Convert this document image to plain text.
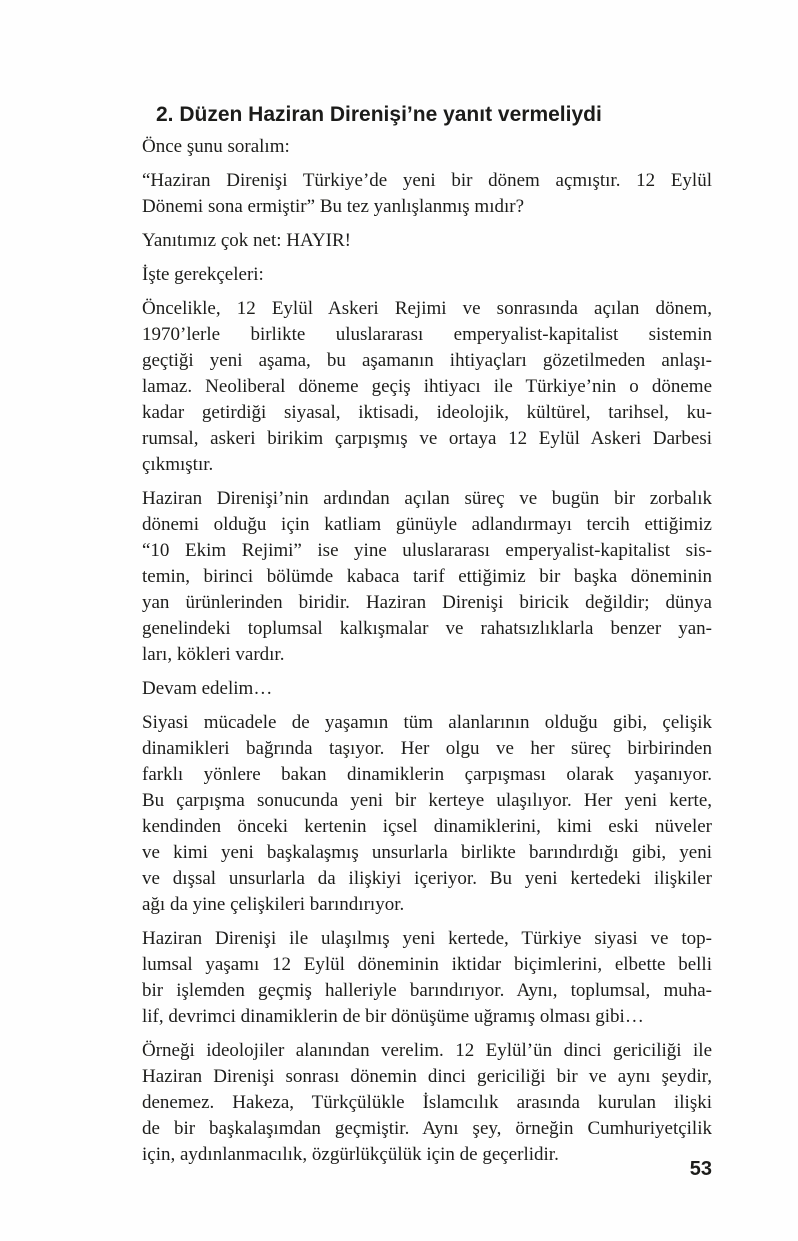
2. Düzen Haziran Direnişi’ne yanıt vermeliydi
Önce şunu soralım:
“Haziran Direnişi Türkiye’de yeni bir dönem açmıştır. 12 Eylül
Dönemi sona ermiştir” Bu tez yanlışlanmış mıdır?
Yanıtımız çok net: HAYIR!
İşte gerekçeleri:
Öncelikle, 12 Eylül Askeri Rejimi ve sonrasında açılan dönem,
1970’lerle birlikte uluslararası emperyalist-kapitalist sistemin
geçtiği yeni aşama, bu aşamanın ihtiyaçları gözetilmeden anlaşı-
lamaz. Neoliberal döneme geçiş ihtiyacı ile Türkiye’nin o döneme
kadar getirdiği siyasal, iktisadi, ideolojik, kültürel, tarihsel, ku-
rumsal, askeri birikim çarpışmış ve ortaya 12 Eylül Askeri Darbesi
çıkmıştır.
Haziran Direnişi’nin ardından açılan süreç ve bugün bir zorbalık
dönemi olduğu için katliam günüyle adlandırmayı tercih ettiğimiz
“10 Ekim Rejimi” ise yine uluslararası emperyalist-kapitalist sis-
temin, birinci bölümde kabaca tarif ettiğimiz bir başka döneminin
yan ürünlerinden biridir. Haziran Direnişi biricik değildir; dünya
genelindeki toplumsal kalkışmalar ve rahatsızlıklarla benzer yan-
ları, kökleri vardır.
Devam edelim…
Siyasi mücadele de yaşamın tüm alanlarının olduğu gibi, çelişik
dinamikleri bağrında taşıyor. Her olgu ve her süreç birbirinden
farklı yönlere bakan dinamiklerin çarpışması olarak yaşanıyor.
Bu çarpışma sonucunda yeni bir kerteye ulaşılıyor. Her yeni kerte,
kendinden önceki kertenin içsel dinamiklerini, kimi eski nüveler
ve kimi yeni başkalaşmış unsurlarla birlikte barındırdığı gibi, yeni
ve dışsal unsurlarla da ilişkiyi içeriyor. Bu yeni kertedeki ilişkiler
ağı da yine çelişkileri barındırıyor.
Haziran Direnişi ile ulaşılmış yeni kertede, Türkiye siyasi ve top-
lumsal yaşamı 12 Eylül döneminin iktidar biçimlerini, elbette belli
bir işlemden geçmiş halleriyle barındırıyor. Aynı, toplumsal, muha-
lif, devrimci dinamiklerin de bir dönüşüme uğramış olması gibi…
Örneği ideolojiler alanından verelim. 12 Eylül’ün dinci gericiliği ile
Haziran Direnişi sonrası dönemin dinci gericiliği bir ve aynı şeydir,
denemez. Hakeza, Türkçülükle İslamcılık arasında kurulan ilişki
de bir başkalaşımdan geçmiştir. Aynı şey, örneğin Cumhuriyetçilik
için, aydınlanmacılık, özgürlükçülük için de geçerlidir.
53
